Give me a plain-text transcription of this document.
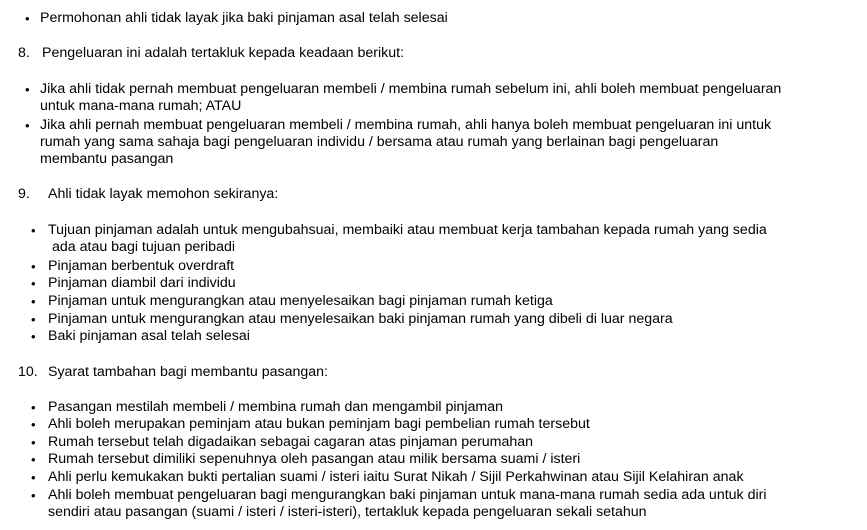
• Permohonan ahli tidak layak jika baki pinjaman asal telah selesai
8. Pengeluaran ini adalah tertakluk kepada keadaan berikut:
• Jika ahli tidak pernah membuat pengeluaran membeli / membina rumah sebelum ini, ahli boleh membuat pengeluaran
untuk mana-mana rumah; ATAU
• Jika ahli pernah membuat pengeluaran membeli / membina rumah, ahli hanya boleh membuat pengeluaran ini untuk
rumah yang sama sahaja bagi pengeluaran individu / bersama atau rumah yang berlainan bagi pengeluaran
membantu pasangan
9. Ahli tidak layak memohon sekiranya:
• Tujuan pinjaman adalah untuk mengubahsuai, membaiki atau membuat kerja tambahan kepada rumah yang sedia
ada atau bagi tujuan peribadi
• Pinjaman berbentuk overdraft
• Pinjaman diambil dari individu
• Pinjaman untuk mengurangkan atau menyelesaikan bagi pinjaman rumah ketiga
• Pinjaman untuk mengurangkan atau menyelesaikan baki pinjaman rumah yang dibeli di luar negara
• Baki pinjaman asal telah selesai
10. Syarat tambahan bagi membantu pasangan:
• Pasangan mestilah membeli / membina rumah dan mengambil pinjaman
• Ahli boleh merupakan peminjam atau bukan peminjam bagi pembelian rumah tersebut
• Rumah tersebut telah digadaikan sebagai cagaran atas pinjaman perumahan
• Rumah tersebut dimiliki sepenuhnya oleh pasangan atau milik bersama suami / isteri
• Ahli perlu kemukakan bukti pertalian suami / isteri iaitu Surat Nikah / Sijil Perkahwinan atau Sijil Kelahiran anak
• Ahli boleh membuat pengeluaran bagi mengurangkan baki pinjaman untuk mana-mana rumah sedia ada untuk diri
sendiri atau pasangan (suami / isteri / isteri-isteri), tertakluk kepada pengeluaran sekali setahun
